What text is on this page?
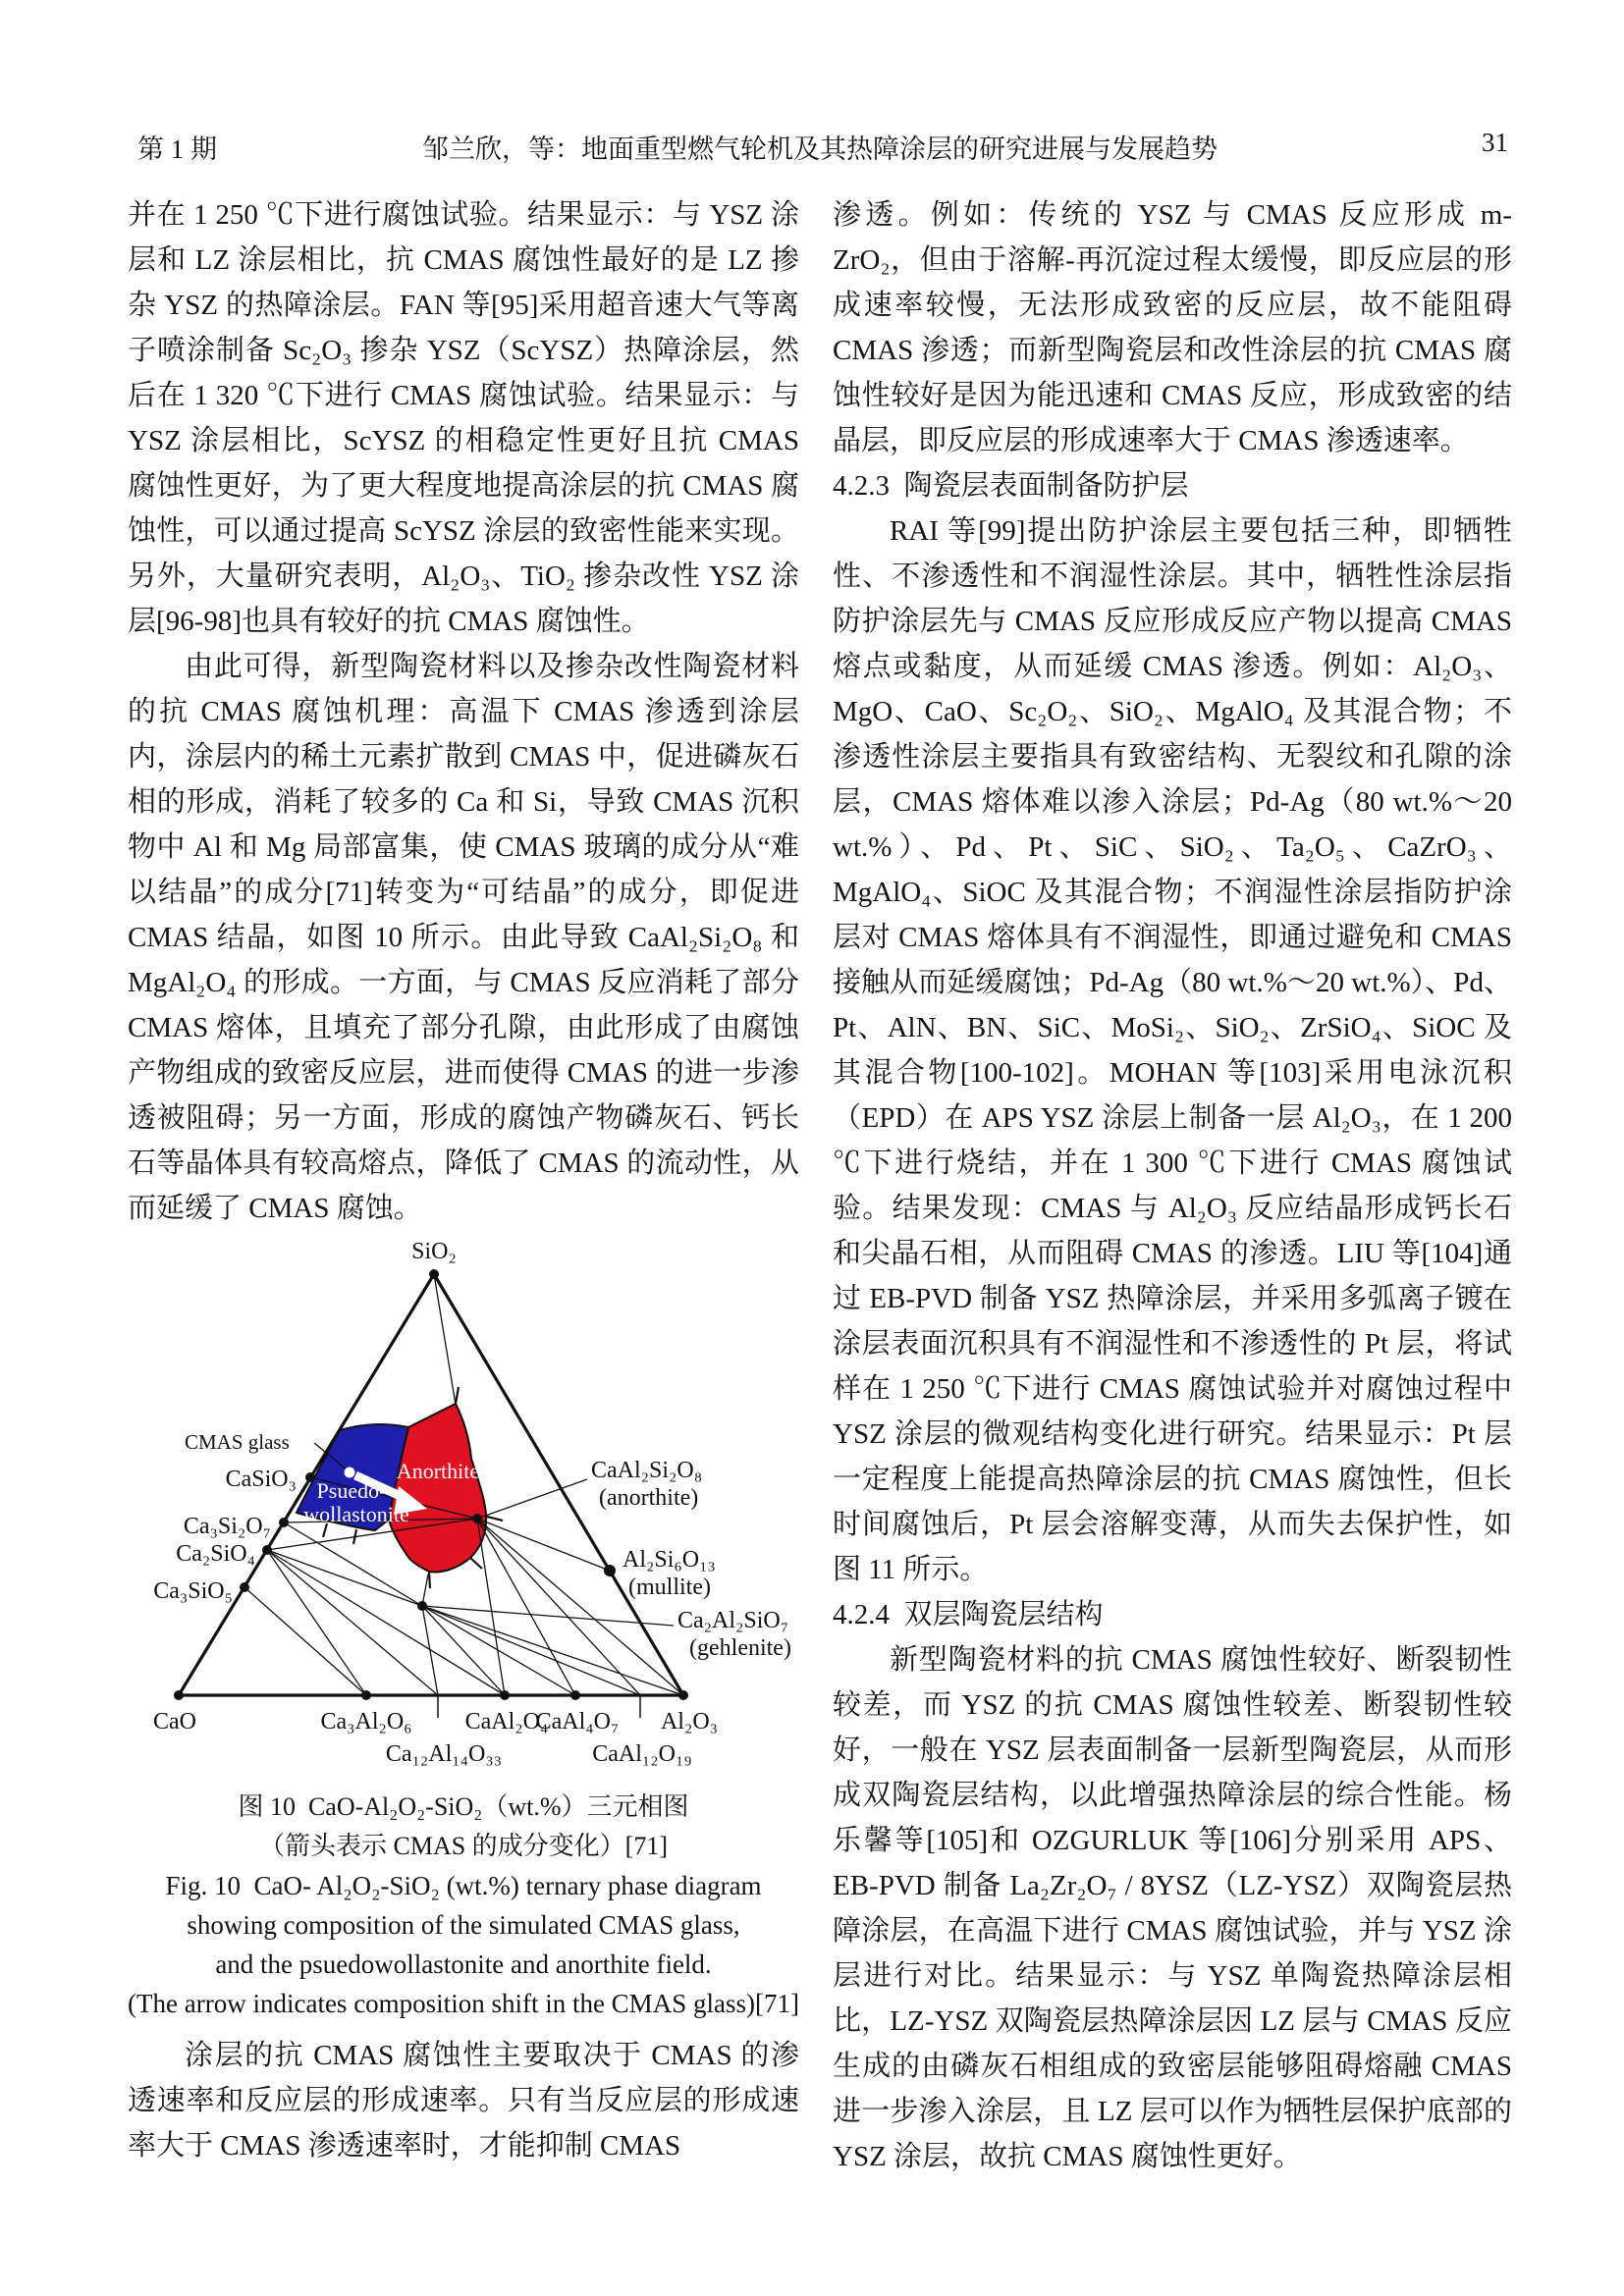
第 1 期	邹兰欣，等：地面重型燃气轮机及其热障涂层的研究进展与发展趋势	31
并在 1 250 ℃下进行腐蚀试验。结果显示：与 YSZ 涂层和 LZ 涂层相比，抗 CMAS 腐蚀性最好的是 LZ 掺杂 YSZ 的热障涂层。FAN 等[95]采用超音速大气等离子喷涂制备 Sc₂O₃ 掺杂 YSZ（ScYSZ）热障涂层，然后在 1 320 ℃下进行 CMAS 腐蚀试验。结果显示：与 YSZ 涂层相比，ScYSZ 的相稳定性更好且抗 CMAS 腐蚀性更好，为了更大程度地提高涂层的抗 CMAS 腐蚀性，可以通过提高 ScYSZ 涂层的致密性能来实现。另外，大量研究表明，Al₂O₃、TiO₂ 掺杂改性 YSZ 涂层[96-98]也具有较好的抗 CMAS 腐蚀性。
由此可得，新型陶瓷材料以及掺杂改性陶瓷材料的抗 CMAS 腐蚀机理：高温下 CMAS 渗透到涂层内，涂层内的稀土元素扩散到 CMAS 中，促进磷灰石相的形成，消耗了较多的 Ca 和 Si，导致 CMAS 沉积物中 Al 和 Mg 局部富集，使 CMAS 玻璃的成分从“难以结晶”的成分[71]转变为“可结晶”的成分，即促进 CMAS 结晶，如图 10 所示。由此导致 CaAl₂Si₂O₈ 和 MgAl₂O₄ 的形成。一方面，与 CMAS 反应消耗了部分 CMAS 熔体，且填充了部分孔隙，由此形成了由腐蚀产物组成的致密反应层，进而使得 CMAS 的进一步渗透被阻碍；另一方面，形成的腐蚀产物磷灰石、钙长石等晶体具有较高熔点，降低了 CMAS 的流动性，从而延缓了 CMAS 腐蚀。
SiO₂
CaO	Al₂O₃
CaSiO₃
Ca₃Si₂O₇
Ca₂SiO₄
Ca₃SiO₅
Ca₃Al₂O₆ CaAl₂O₄
CaAl₄O₇
Ca₁₂Al₁₄O₃₃	CaAl₁₂O₁₉
CaAl₂Si₂O₈
(anorthite)
Al₂Si₆O₁₃
(mullite)
Ca₂Al₂SiO₇
(gehlenite)
CMAS glass
Anorthite
Psuedo-
wollastonite
图 10  CaO-Al₂O₂-SiO₂（wt.%）三元相图
（箭头表示 CMAS 的成分变化）[71]
Fig. 10  CaO- Al₂O₂-SiO₂ (wt.%) ternary phase diagram
showing composition of the simulated CMAS glass,
and the psuedowollastonite and anorthite field.
(The arrow indicates composition shift in the CMAS glass)[71]
涂层的抗 CMAS 腐蚀性主要取决于 CMAS 的渗透速率和反应层的形成速率。只有当反应层的形成速率大于 CMAS 渗透速率时，才能抑制 CMAS
渗透。例如：传统的 YSZ 与 CMAS 反应形成 m-ZrO₂，但由于溶解-再沉淀过程太缓慢，即反应层的形成速率较慢，无法形成致密的反应层，故不能阻碍 CMAS 渗透；而新型陶瓷层和改性涂层的抗 CMAS 腐蚀性较好是因为能迅速和 CMAS 反应，形成致密的结晶层，即反应层的形成速率大于 CMAS 渗透速率。
4.2.3  陶瓷层表面制备防护层
RAI 等[99]提出防护涂层主要包括三种，即牺牲性、不渗透性和不润湿性涂层。其中，牺牲性涂层指防护涂层先与 CMAS 反应形成反应产物以提高 CMAS 熔点或黏度，从而延缓 CMAS 渗透。例如：Al₂O₃、MgO、CaO、Sc₂O₂、SiO₂、MgAlO₄ 及其混合物；不渗透性涂层主要指具有致密结构、无裂纹和孔隙的涂层，CMAS 熔体难以渗入涂层；Pd-Ag（80 wt.%～20 wt.%）、Pd、Pt、SiC、SiO₂、Ta₂O₅、CaZrO₃、MgAlO₄、SiOC 及其混合物；不润湿性涂层指防护涂层对 CMAS 熔体具有不润湿性，即通过避免和 CMAS 接触从而延缓腐蚀；Pd-Ag（80 wt.%～20 wt.%）、Pd、Pt、AlN、BN、SiC、MoSi₂、SiO₂、ZrSiO₄、SiOC 及其混合物[100-102]。MOHAN 等[103]采用电泳沉积（EPD）在 APS YSZ 涂层上制备一层 Al₂O₃，在 1 200 ℃下进行烧结，并在 1 300 ℃下进行 CMAS 腐蚀试验。结果发现：CMAS 与 Al₂O₃ 反应结晶形成钙长石和尖晶石相，从而阻碍 CMAS 的渗透。LIU 等[104]通过 EB-PVD 制备 YSZ 热障涂层，并采用多弧离子镀在涂层表面沉积具有不润湿性和不渗透性的 Pt 层，将试样在 1 250 ℃下进行 CMAS 腐蚀试验并对腐蚀过程中 YSZ 涂层的微观结构变化进行研究。结果显示：Pt 层一定程度上能提高热障涂层的抗 CMAS 腐蚀性，但长时间腐蚀后，Pt 层会溶解变薄，从而失去保护性，如图 11 所示。
4.2.4  双层陶瓷层结构
新型陶瓷材料的抗 CMAS 腐蚀性较好、断裂韧性较差，而 YSZ 的抗 CMAS 腐蚀性较差、断裂韧性较好，一般在 YSZ 层表面制备一层新型陶瓷层，从而形成双陶瓷层结构，以此增强热障涂层的综合性能。杨乐馨等[105]和 OZGURLUK 等[106]分别采用 APS、EB-PVD 制备 La₂Zr₂O₇ / 8YSZ（LZ-YSZ）双陶瓷层热障涂层，在高温下进行 CMAS 腐蚀试验，并与 YSZ 涂层进行对比。结果显示：与 YSZ 单陶瓷热障涂层相比，LZ-YSZ 双陶瓷层热障涂层因 LZ 层与 CMAS 反应生成的由磷灰石相组成的致密层能够阻碍熔融 CMAS 进一步渗入涂层，且 LZ 层可以作为牺牲层保护底部的 YSZ 涂层，故抗 CMAS 腐蚀性更好。
